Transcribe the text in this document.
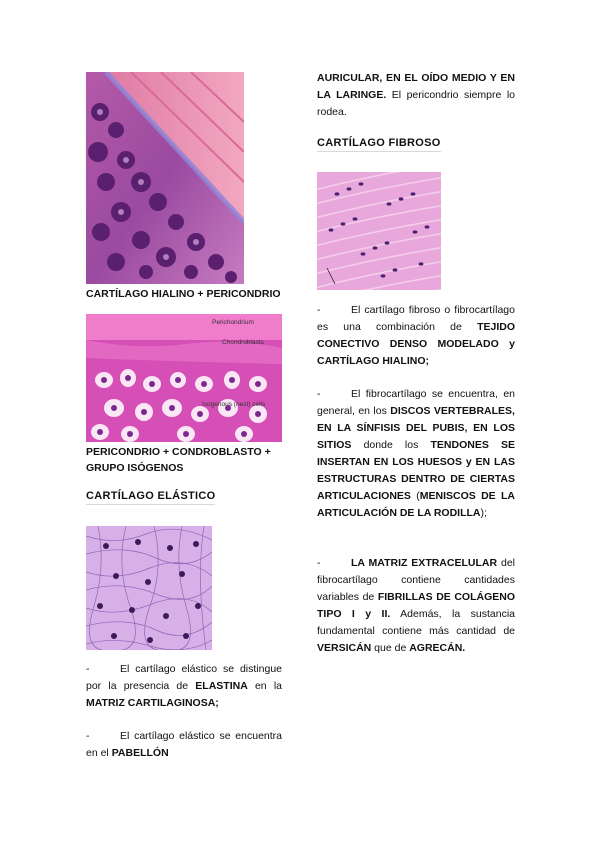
CARTÍLAGO HIALINO + PERICONDRIO
Perichondrium
Chondroblasts
Isogenous (nest) cells
PERICONDRIO + CONDROBLASTO +
GRUPO ISÓGENOS
CARTÍLAGO ELÁSTICO
-	El cartílago elástico se distingue por la presencia de ELASTINA en la MATRIZ CARTILAGINOSA;
-	El cartílago elástico se encuentra en el PABELLÓN
AURICULAR, EN EL OÍDO MEDIO Y EN LA LARINGE. El pericondrio siempre lo rodea.
CARTÍLAGO FIBROSO
-	El cartílago fibroso o fibrocartílago es una combinación de TEJIDO CONECTIVO DENSO MODELADO y CARTÍLAGO HIALINO;
-	El fibrocartílago se encuentra, en general, en los DISCOS VERTEBRALES, EN LA SÍNFISIS DEL PUBIS, EN LOS SITIOS donde los TENDONES SE INSERTAN EN LOS HUESOS y EN LAS ESTRUCTURAS DENTRO DE CIERTAS ARTICULACIONES (MENISCOS DE LA ARTICULACIÓN DE LA RODILLA);
-	LA MATRIZ EXTRACELULAR del fibrocartílago contiene cantidades variables de FIBRILLAS DE COLÁGENO TIPO I y II. Además, la sustancia fundamental contiene más cantidad de VERSICÁN que de AGRECÁN.
